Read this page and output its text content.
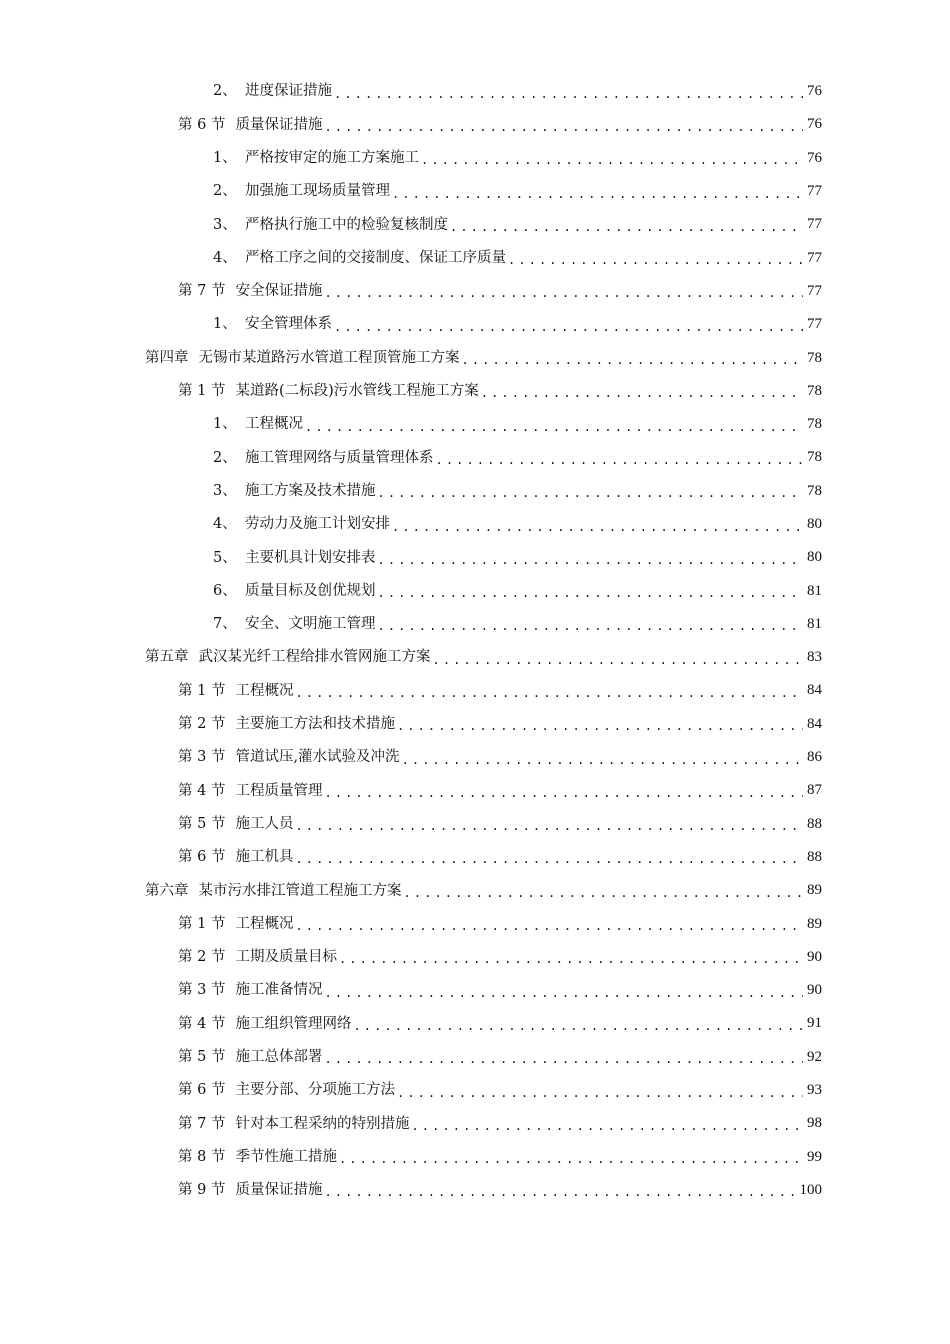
2、 进度保证措施 .....	76
第 6 节 质量保证措施 .....	76
1、 严格按审定的施工方案施工 .....	76
2、 加强施工现场质量管理 .....	77
3、 严格执行施工中的检验复核制度 .....	77
4、 严格工序之间的交接制度、保证工序质量 .....	77
第 7 节 安全保证措施 .....	77
1、 安全管理体系 .....	77
第四章 无锡市某道路污水管道工程顶管施工方案 .....	78
第 1 节 某道路(二标段)污水管线工程施工方案 .....	78
1、 工程概况 .....	78
2、 施工管理网络与质量管理体系 .....	78
3、 施工方案及技术措施 .....	78
4、 劳动力及施工计划安排 .....	80
5、 主要机具计划安排表 .....	80
6、 质量目标及创优规划 .....	81
7、 安全、文明施工管理 .....	81
第五章 武汉某光纤工程给排水管网施工方案 .....	83
第 1 节 工程概况 .....	84
第 2 节 主要施工方法和技术措施 .....	84
第 3 节 管道试压,灌水试验及冲洗 .....	86
第 4 节 工程质量管理 .....	87
第 5 节 施工人员 .....	88
第 6 节 施工机具 .....	88
第六章 某市污水排江管道工程施工方案 .....	89
第 1 节 工程概况 .....	89
第 2 节 工期及质量目标 .....	90
第 3 节 施工准备情况 .....	90
第 4 节 施工组织管理网络 .....	91
第 5 节 施工总体部署 .....	92
第 6 节 主要分部、分项施工方法 .....	93
第 7 节 针对本工程采纳的特别措施 .....	98
第 8 节 季节性施工措施 .....	99
第 9 节 质量保证措施 .....	100
